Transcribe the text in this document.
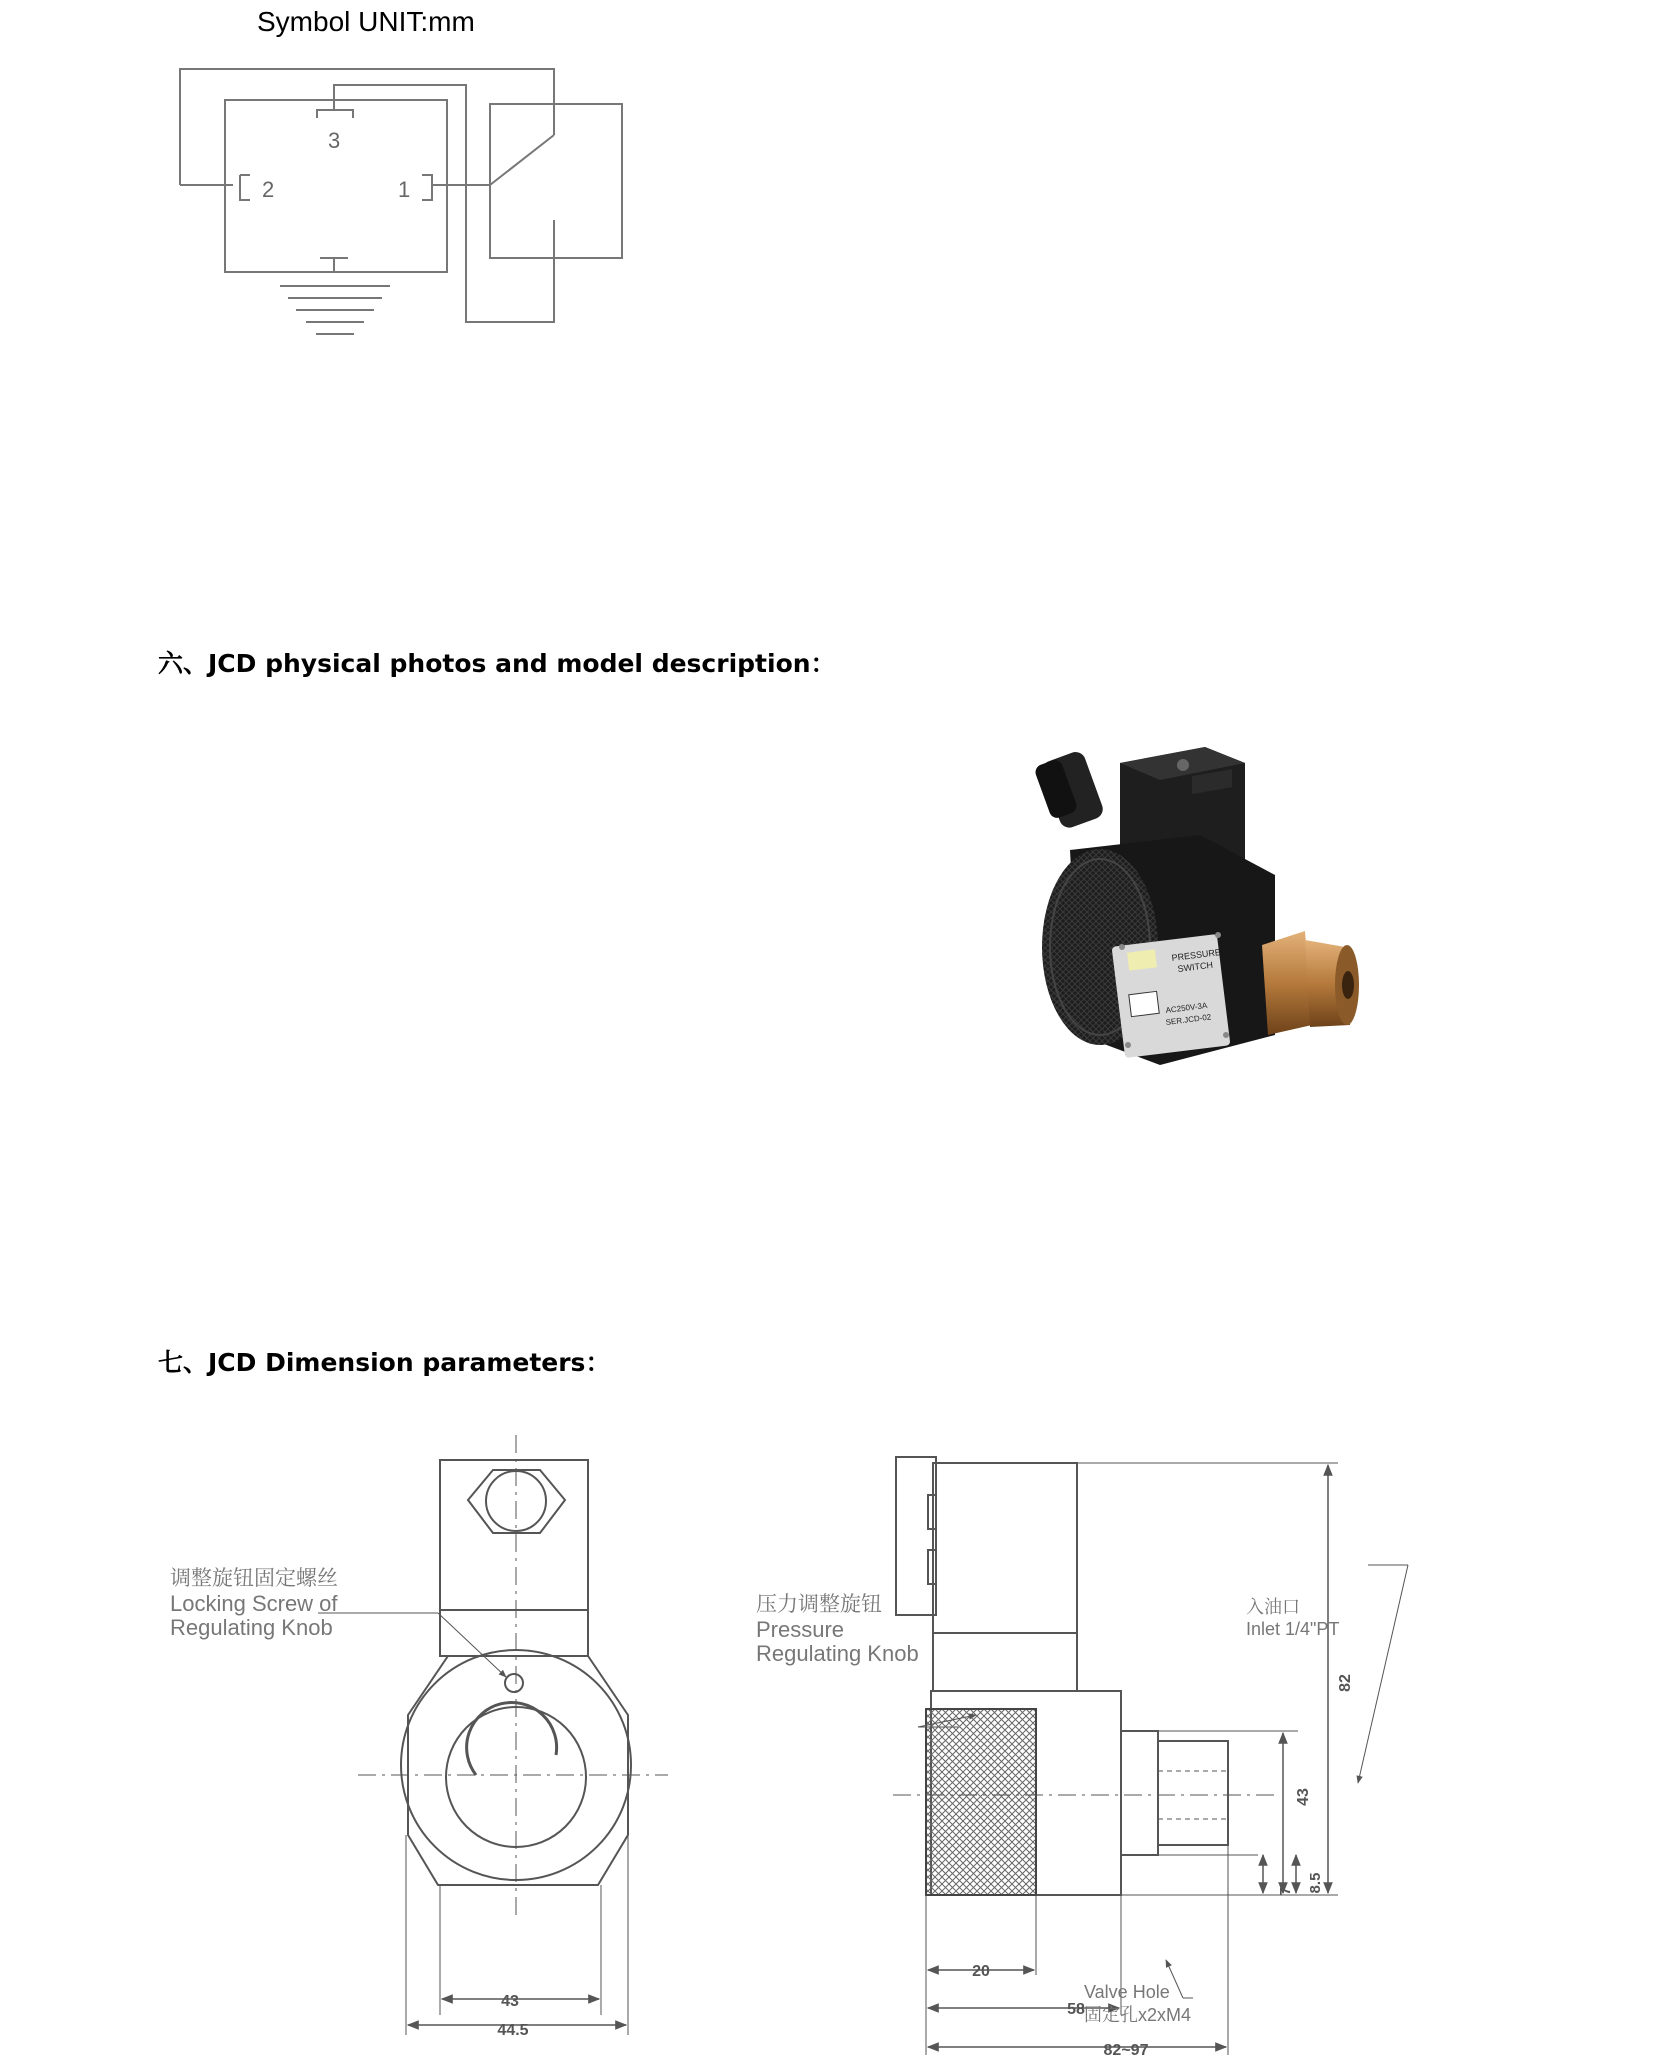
Symbol UNIT:mm
3
2	1
六、JCD physical photos and model description：
PRESSURE
SWITCH
AC250V-3A
SER.JCD-02
七、JCD Dimension parameters：
调整旋钮固定螺丝
Locking Screw of
Regulating Knob
43
44.5
压力调整旋钮
Pressure
Regulating Knob
入油口
Inlet 1/4"PT
Valve Hole
固定孔x2xM4
20
58
82~97
82
43
7 8.5
